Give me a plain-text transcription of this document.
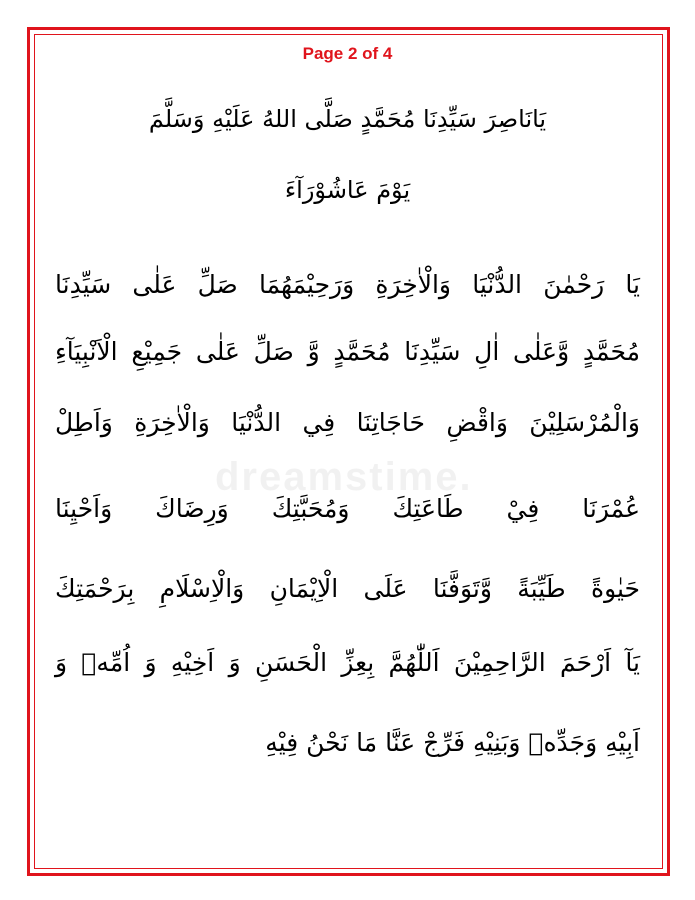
Page 2 of 4
يَانَاصِرَ سَيِّدِنَا مُحَمَّدٍ صَلَّى اللهُ عَلَيْهِ وَسَلَّمَ
يَوْمَ عَاشُوْرَآءَ
dreamstime.
يَا رَحْمٰنَ الدُّنْيَا وَالْاٰخِرَةِ وَرَحِيْمَهُمَا صَلِّ عَلٰى سَيِّدِنَا
مُحَمَّدٍ وَّعَلٰى اٰلِ سَيِّدِنَا مُحَمَّدٍ وَّ صَلِّ عَلٰى جَمِيْعِ الْاَنْبِيَآءِ
وَالْمُرْسَلِيْنَ وَاقْضِ حَاجَاتِنَا فِي الدُّنْيَا وَالْاٰخِرَةِ وَاَطِلْ
عُمْرَنَا فِيْ طَاعَتِكَ وَمُحَبَّتِكَ وَرِضَاكَ وَاَحْيِنَا
حَيٰوةً طَيِّبَةً وَّتَوَفَّنَا عَلَى الْاِيْمَانِ وَالْاِسْلَامِ بِرَحْمَتِكَ
يَآ اَرْحَمَ الرَّاحِمِيْنَ اَللّٰهُمَّ بِعِزِّ الْحَسَنِ وَ اَخِيْهِ وَ اُمِّهٖ وَ
اَبِيْهِ وَجَدِّهٖ وَبَنِيْهِ فَرِّجْ عَنَّا مَا نَحْنُ فِيْهِ
